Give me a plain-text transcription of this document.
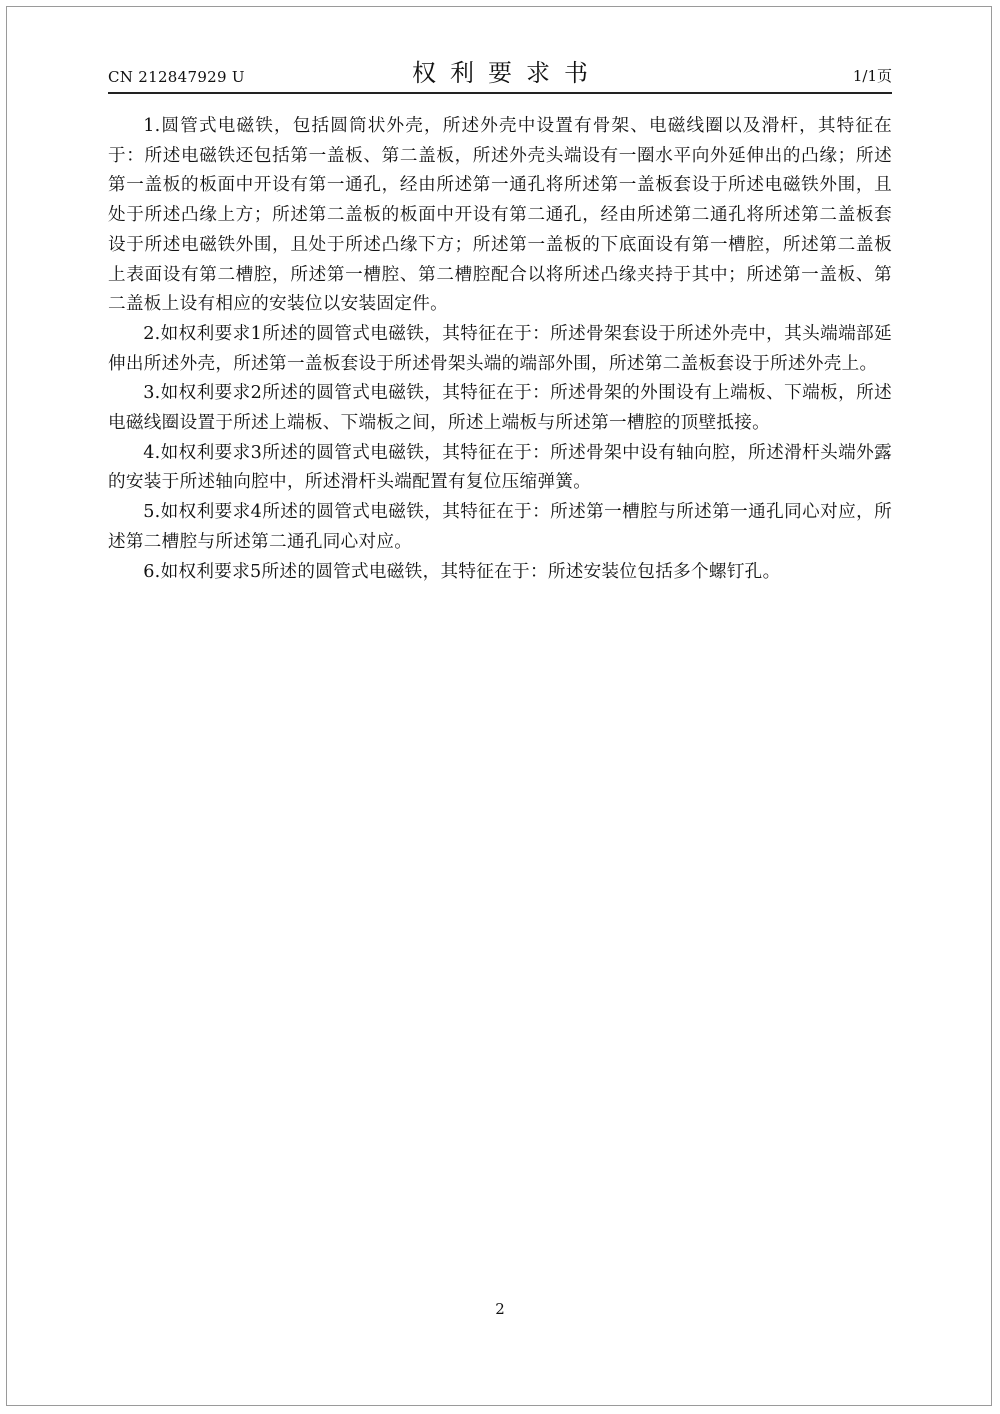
CN 212847929 U	权利要求书	1/1页

1.圆管式电磁铁，包括圆筒状外壳，所述外壳中设置有骨架、电磁线圈以及滑杆，其特征在于：所述电磁铁还包括第一盖板、第二盖板，所述外壳头端设有一圈水平向外延伸出的凸缘；所述第一盖板的板面中开设有第一通孔，经由所述第一通孔将所述第一盖板套设于所述电磁铁外围，且处于所述凸缘上方；所述第二盖板的板面中开设有第二通孔，经由所述第二通孔将所述第二盖板套设于所述电磁铁外围，且处于所述凸缘下方；所述第一盖板的下底面设有第一槽腔，所述第二盖板上表面设有第二槽腔，所述第一槽腔、第二槽腔配合以将所述凸缘夹持于其中；所述第一盖板、第二盖板上设有相应的安装位以安装固定件。

2.如权利要求1所述的圆管式电磁铁，其特征在于：所述骨架套设于所述外壳中，其头端端部延伸出所述外壳，所述第一盖板套设于所述骨架头端的端部外围，所述第二盖板套设于所述外壳上。

3.如权利要求2所述的圆管式电磁铁，其特征在于：所述骨架的外围设有上端板、下端板，所述电磁线圈设置于所述上端板、下端板之间，所述上端板与所述第一槽腔的顶壁抵接。

4.如权利要求3所述的圆管式电磁铁，其特征在于：所述骨架中设有轴向腔，所述滑杆头端外露的安装于所述轴向腔中，所述滑杆头端配置有复位压缩弹簧。

5.如权利要求4所述的圆管式电磁铁，其特征在于：所述第一槽腔与所述第一通孔同心对应，所述第二槽腔与所述第二通孔同心对应。

6.如权利要求5所述的圆管式电磁铁，其特征在于：所述安装位包括多个螺钉孔。

2
